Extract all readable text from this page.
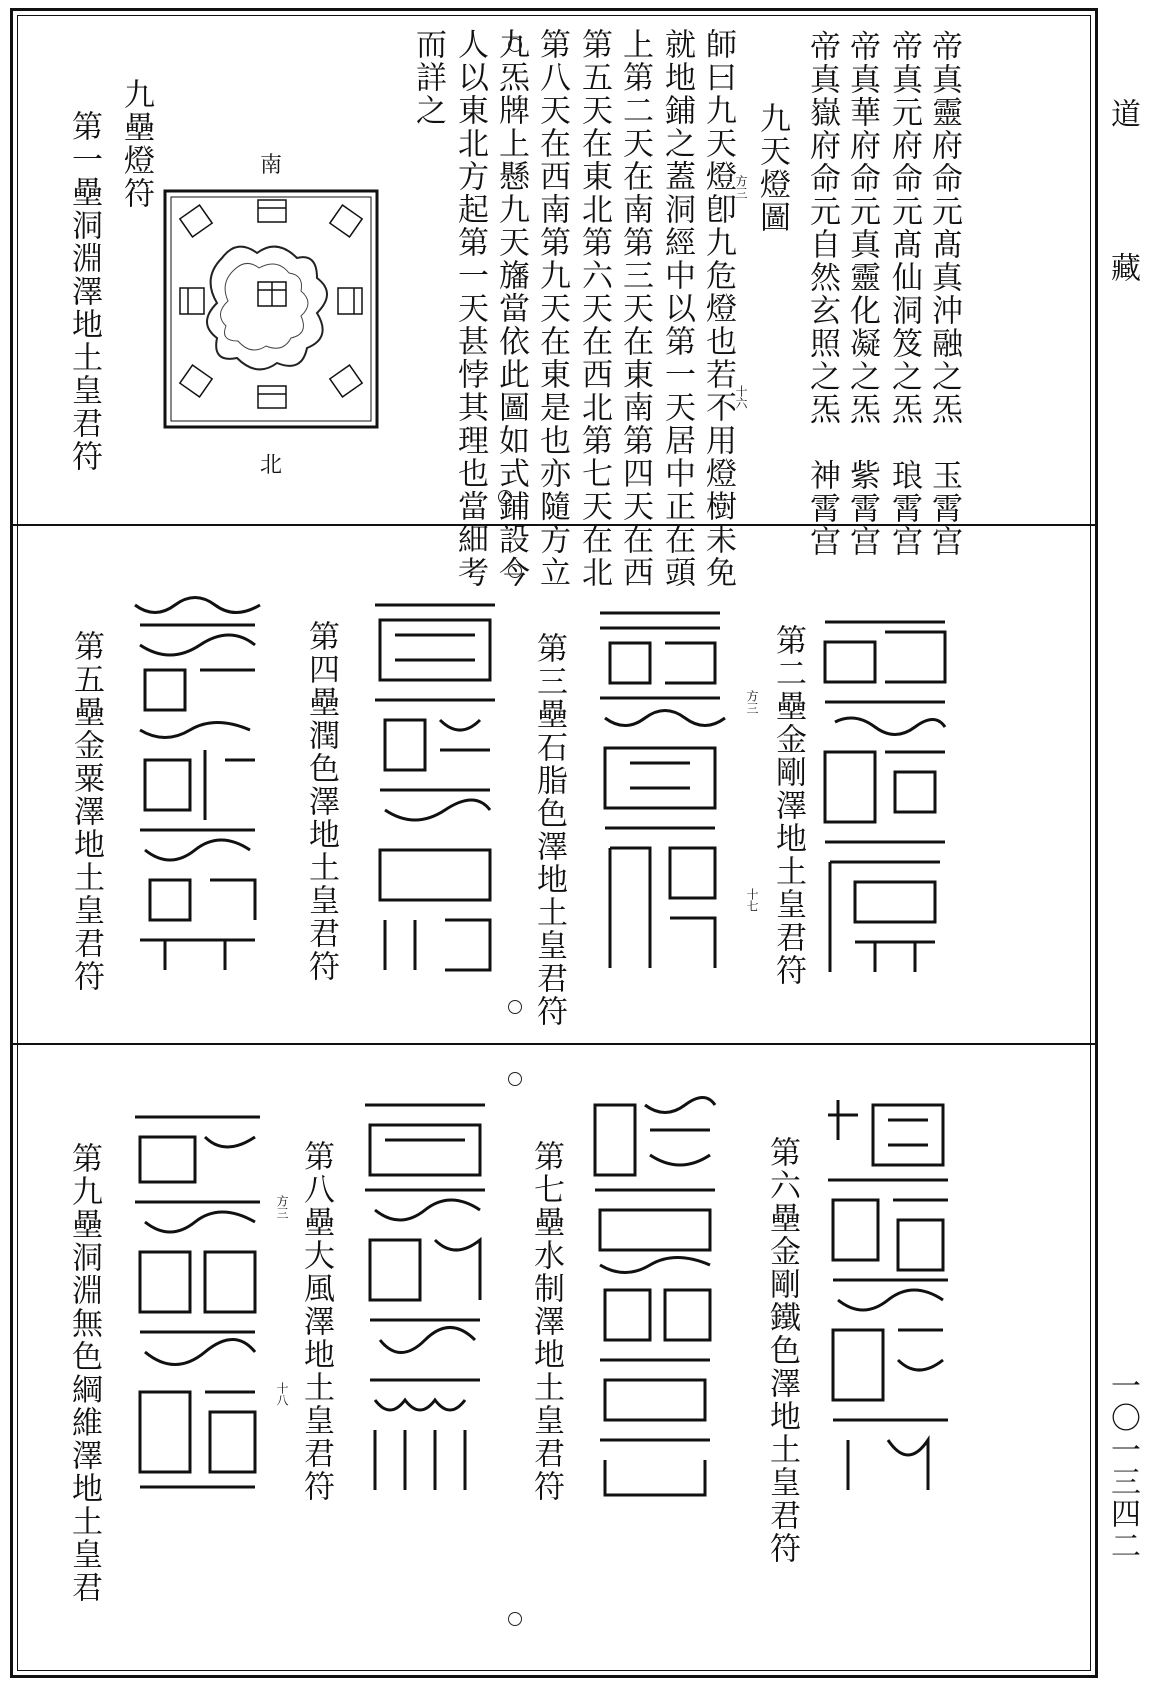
道
藏
一〇一三四二
帝真靈府命元髙真沖融之炁　玉霄宫
帝真元府命元髙仙洞笈之炁　琅霄宫
帝真華府命元真靈化凝之炁　紫霄宫
帝真嶽府命元自然玄照之炁　神霄宫
九天燈圖
師曰九天燈卽九危燈也若不用燈樹未免
就地鋪之蓋洞經中以第一天居中正在頭
上第二天在南第三天在東南第四天在西
第五天在東北第六天在西北第七天在北
第八天在西南第九天在東是也亦隨方立
九炁牌上懸九天旛當依此圖如式鋪設今
人以東北方起第一天甚悖其理也當細考
而詳之
方三
十六
南
北
九壘燈符
第一壘洞淵澤地土皇君符
第二壘金剛澤地土皇君符
方三
十七
第三壘石脂色澤地土皇君符
第四壘潤色澤地土皇君符
第五壘金粟澤地土皇君符
第六壘金剛鐵色澤地土皇君符
第七壘水制澤地土皇君符
第八壘大風澤地土皇君符
方三
十八
第九壘洞淵無色綱維澤地土皇君
